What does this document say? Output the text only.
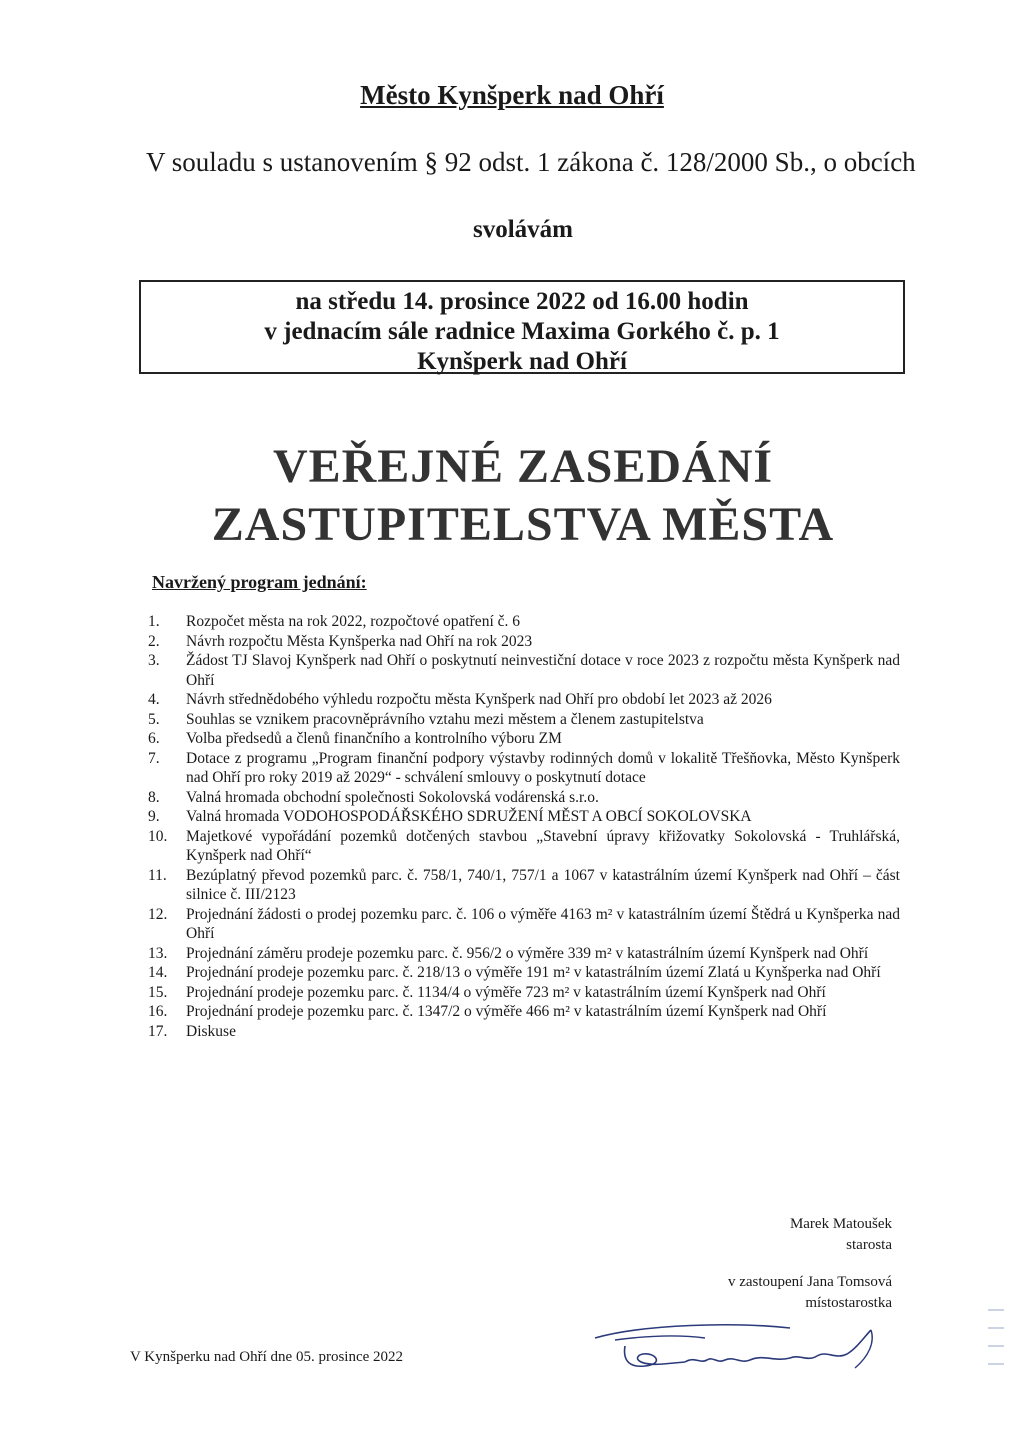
Město Kynšperk nad Ohří
V souladu s ustanovením § 92 odst. 1 zákona č. 128/2000 Sb., o obcích
svolávám
na středu 14. prosince 2022 od 16.00 hodin
v jednacím sále radnice Maxima Gorkého č. p. 1
Kynšperk nad Ohří
VEŘEJNÉ ZASEDÁNÍ
ZASTUPITELSTVA MĚSTA
Navržený program jednání:
1.	Rozpočet města na rok 2022, rozpočtové opatření č. 6
2.	Návrh rozpočtu Města Kynšperka nad Ohří na rok 2023
3.	Žádost TJ Slavoj Kynšperk nad Ohří o poskytnutí neinvestiční dotace v roce 2023 z rozpočtu města Kynšperk nad Ohří
4.	Návrh střednědobého výhledu rozpočtu města Kynšperk nad Ohří pro období let 2023 až 2026
5.	Souhlas se vznikem pracovněprávního vztahu mezi městem a členem zastupitelstva
6.	Volba předsedů a členů finančního a kontrolního výboru ZM
7.	Dotace z programu „Program finanční podpory výstavby rodinných domů v lokalitě Třešňovka, Město Kynšperk nad Ohří pro roky 2019 až 2029“ - schválení smlouvy o poskytnutí dotace
8.	Valná hromada obchodní společnosti Sokolovská vodárenská s.r.o.
9.	Valná hromada VODOHOSPODÁŘSKÉHO SDRUŽENÍ MĚST A OBCÍ SOKOLOVSKA
10.	Majetkové vypořádání pozemků dotčených stavbou „Stavební úpravy křižovatky Sokolovská - Truhlářská, Kynšperk nad Ohří“
11.	Bezúplatný převod pozemků parc. č. 758/1, 740/1, 757/1 a 1067 v katastrálním území Kynšperk nad Ohří – část silnice č. III/2123
12.	Projednání žádosti o prodej pozemku parc. č. 106 o výměře 4163 m² v katastrálním území Štědrá u Kynšperka nad Ohří
13.	Projednání záměru prodeje pozemku parc. č. 956/2 o výměre 339 m² v katastrálním území Kynšperk nad Ohří
14.	Projednání prodeje pozemku parc. č. 218/13 o výměře 191 m² v katastrálním území Zlatá u Kynšperka nad Ohří
15.	Projednání prodeje pozemku parc. č. 1134/4 o výměře 723 m² v katastrálním území Kynšperk nad Ohří
16.	Projednání prodeje pozemku parc. č. 1347/2 o výměře 466 m² v katastrálním území Kynšperk nad Ohří
17.	Diskuse
Marek Matoušek
starosta
v zastoupení Jana Tomsová
místostarostka
V Kynšperku nad Ohří dne 05. prosince 2022
